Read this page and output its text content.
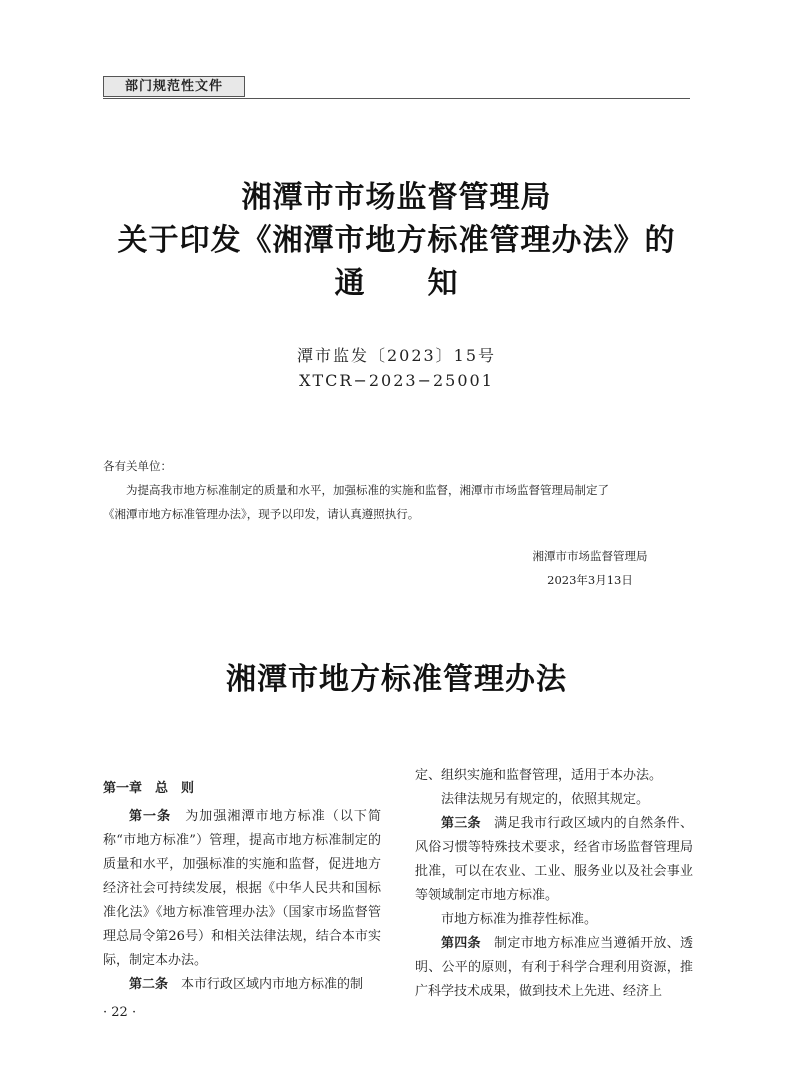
部门规范性文件
湘潭市市场监督管理局
关于印发《湘潭市地方标准管理办法》的
通　　知
潭市监发〔2023〕15号
XTCR−2023−25001
各有关单位：

为提高我市地方标准制定的质量和水平，加强标准的实施和监督，湘潭市市场监督管理局制定了

《湘潭市地方标准管理办法》，现予以印发，请认真遵照执行。

湘潭市市场监督管理局
2023年3月13日
湘潭市地方标准管理办法

第一章　总　则

第一条　 为加强湘潭市地方标准（以下简称“市地方标准”）管理，提高市地方标准制定的质量和水平，加强标准的实施和监督，促进地方经济社会可持续发展，根据《中华人民共和国标准化法》《地方标准管理办法》（国家市场监督管理总局令第26号）和相关法律法规，结合本市实际，制定本办法。

第二条　 本市行政区域内市地方标准的制

定、组织实施和监督管理，适用于本办法。

法律法规另有规定的，依照其规定。

第三条　 满足我市行政区域内的自然条件、风俗习惯等特殊技术要求，经省市场监督管理局批准，可以在农业、工业、服务业以及社会事业等领域制定市地方标准。

市地方标准为推荐性标准。

第四条　 制定市地方标准应当遵循开放、透明、公平的原则，有利于科学合理利用资源，推广科学技术成果，做到技术上先进、经济上

· 22 ·
